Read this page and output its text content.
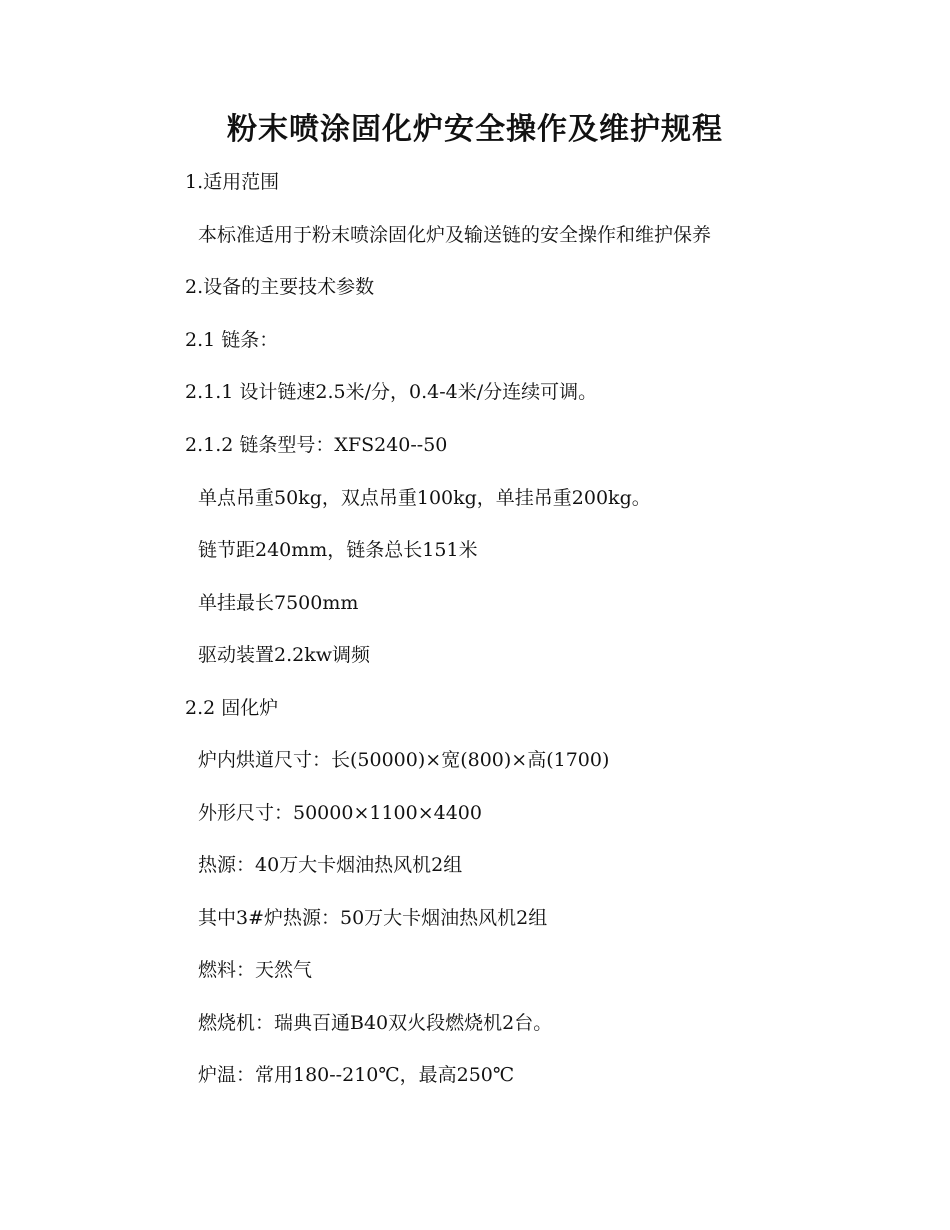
粉末喷涂固化炉安全操作及维护规程
1.适用范围
本标准适用于粉末喷涂固化炉及输送链的安全操作和维护保养
2.设备的主要技术参数
2.1 链条：
2.1.1 设计链速2.5米/分，0.4-4米/分连续可调。
2.1.2 链条型号：XFS240--50
单点吊重50kg，双点吊重100kg，单挂吊重200kg。
链节距240mm，链条总长151米
单挂最长7500mm
驱动装置2.2kw调频
2.2 固化炉
炉内烘道尺寸：长(50000)×宽(800)×高(1700)
外形尺寸：50000×1100×4400
热源：40万大卡烟油热风机2组
其中3#炉热源：50万大卡烟油热风机2组
燃料：天然气
燃烧机：瑞典百通B40双火段燃烧机2台。
炉温：常用180--210℃，最高250℃
